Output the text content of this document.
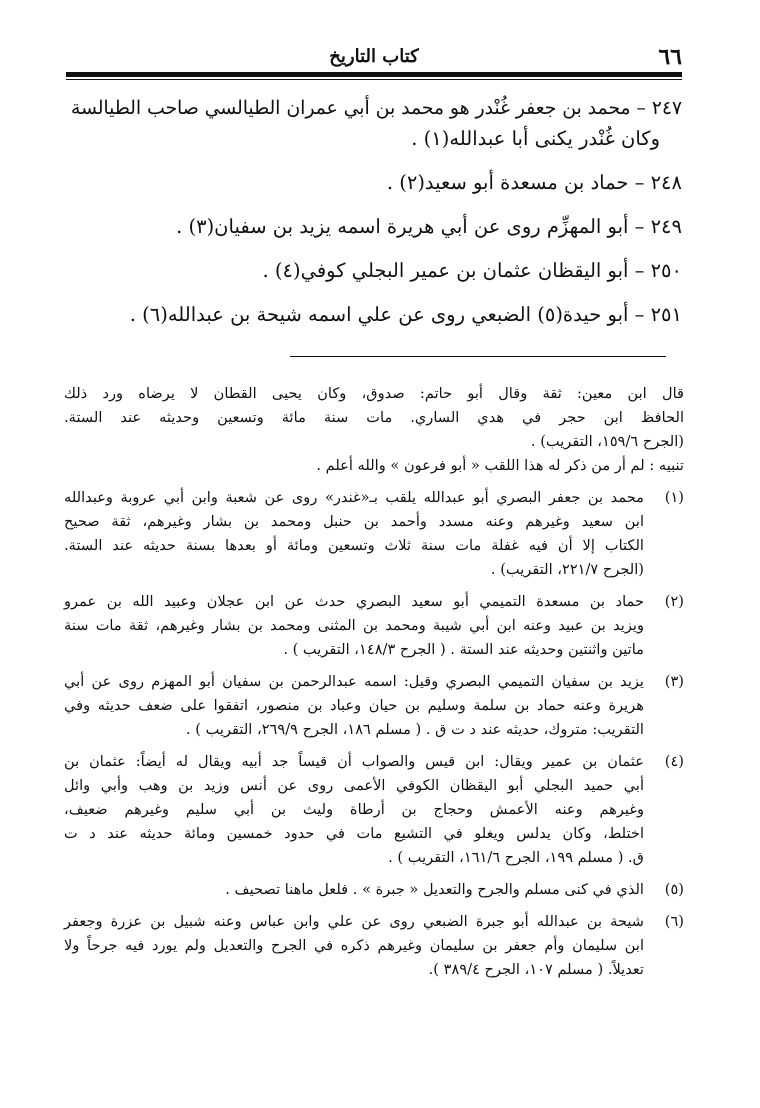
٦٦
كتاب التاريخ
٢٤٧ – محمد بن جعفر غُنْدر هو محمد بن أبي عمران الطيالسي صاحب الطيالسة
وكان غُنْدر يكنى أبا عبدالله(١) .
٢٤٨ – حماد بن مسعدة أبو سعيد(٢) .
٢٤٩ – أبو المهزِّم روى عن أبي هريرة اسمه يزيد بن سفيان(٣) .
٢٥٠ – أبو اليقظان عثمان بن عمير البجلي كوفي(٤) .
٢٥١ – أبو حيدة(٥) الضبعي روى عن علي اسمه شيحة بن عبدالله(٦) .
قال ابن معين: ثقة وقال أبو حاتم: صدوق، وكان يحيى القطان لا يرضاه ورد ذلك
الحافظ ابن حجر في هدي الساري. مات سنة مائة وتسعين وحديثه عند الستة.
(الجرح ١٥٩/٦، التقريب) .
تنبيه : لم أر من ذكر له هذا اللقب « أبو فرعون » والله أعلم .
(١)
محمد بن جعفر البصري أبو عبدالله يلقب بـ«غندر» روى عن شعبة وابن أبي عروبة وعبدالله
ابن سعيد وغيرهم وعنه مسدد وأحمد بن حنبل ومحمد بن بشار وغيرهم، ثقة صحيح
الكتاب إلا أن فيه غفلة مات سنة ثلاث وتسعين ومائة أو بعدها بسنة حديثه عند الستة.
(الجرح ٢٢١/٧، التقريب) .
(٢)
حماد بن مسعدة التميمي أبو سعيد البصري حدث عن ابن عجلان وعبيد الله بن عمرو
ويزيد بن عبيد وعنه ابن أبي شيبة ومحمد بن المثنى ومحمد بن بشار وغيرهم، ثقة مات سنة
ماتين واثنتين وحديثه عند الستة . ( الجرح ١٤٨/٣، التقريب ) .
(٣)
يزيد بن سفيان التميمي البصري وقيل: اسمه عبدالرحمن بن سفيان أبو المهزم روى عن أبي
هريرة وعنه حماد بن سلمة وسليم بن حيان وعباد بن منصور، اتفقوا على ضعف حديثه وفي
التقريب: متروك، حديثه عند د ت ق . ( مسلم ١٨٦، الجرح ٢٦٩/٩، التقريب ) .
(٤)
عثمان بن عمير ويقال: ابن قيس والصواب أن قيساً جد أبيه ويقال له أيضاً: عثمان بن
أبي حميد البجلي أبو اليقظان الكوفي الأعمى روى عن أنس وزيد بن وهب وأبي وائل
وغيرهم وعنه الأعمش وحجاج بن أرطاة وليث بن أبي سليم وغيرهم ضعيف،
اختلط، وكان يدلس ويغلو في التشيع مات في حدود خمسين ومائة حديثه عند د ت
ق. ( مسلم ١٩٩، الجرح ١٦١/٦، التقريب ) .
(٥)
الذي في كنى مسلم والجرح والتعديل « جبرة » . فلعل ماهنا تصحيف .
(٦)
شيحة بن عبدالله أبو جبرة الضبعي روى عن علي وابن عباس وعنه شبيل بن عزرة وجعفر
ابن سليمان وأم جعفر بن سليمان وغيرهم ذكره في الجرح والتعديل ولم يورد فيه جرحاً ولا
تعديلاً. ( مسلم ١٠٧، الجرح ٣٨٩/٤ ).
